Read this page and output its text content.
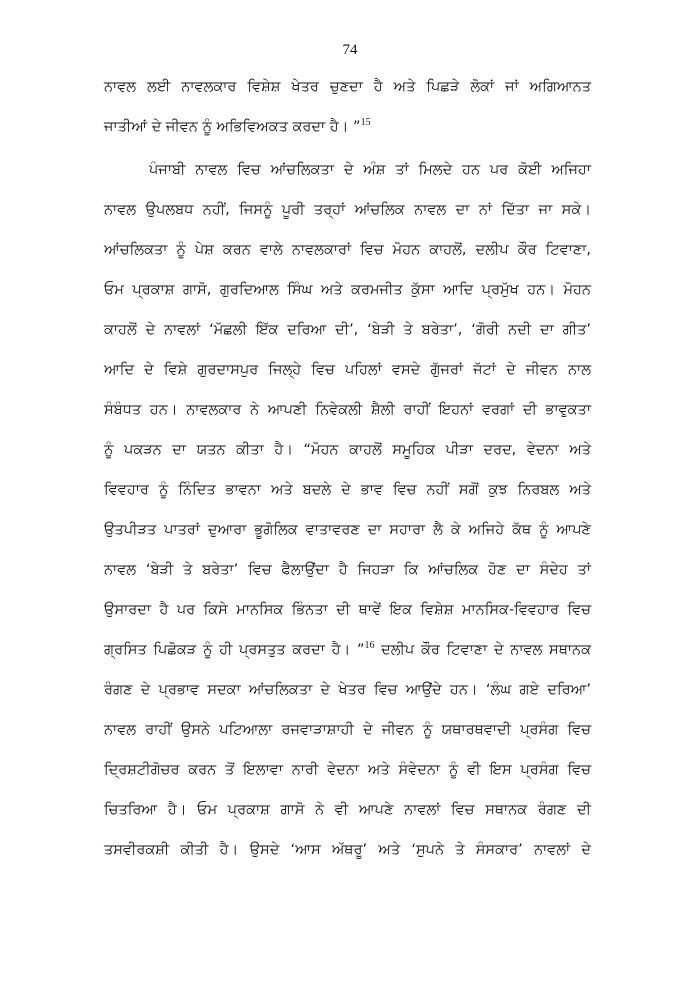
74
ਨਾਵਲ ਲਈ ਨਾਵਲਕਾਰ ਵਿਸ਼ੇਸ਼ ਖੇਤਰ ਚੁਣਦਾ ਹੈ ਅਤੇ ਪਿਛੜੇ ਲੋਕਾਂ ਜਾਂ ਅਗਿਆਨਤ
ਜਾਤੀਆਂ ਦੇ ਜੀਵਨ ਨੂੰ ਅਭਿਵਿਅਕਤ ਕਰਦਾ ਹੈ। ”$^{15}$
ਪੰਜਾਬੀ ਨਾਵਲ ਵਿਚ ਆਂਚਲਿਕਤਾ ਦੇ ਅੰਸ਼ ਤਾਂ ਮਿਲਦੇ ਹਨ ਪਰ ਕੋਈ ਅਜਿਹਾ
ਨਾਵਲ ਉਪਲਬਧ ਨਹੀਂ, ਜਿਸਨੂੰ ਪੂਰੀ ਤਰ੍ਹਾਂ ਆਂਚਲਿਕ ਨਾਵਲ ਦਾ ਨਾਂ ਦਿੱਤਾ ਜਾ ਸਕੇ।
ਆਂਚਲਿਕਤਾ ਨੂੰ ਪੇਸ਼ ਕਰਨ ਵਾਲੇ ਨਾਵਲਕਾਰਾਂ ਵਿਚ ਮੋਹਨ ਕਾਹਲੋਂ, ਦਲੀਪ ਕੌਰ ਟਿਵਾਣਾ,
ਓਮ ਪ੍ਰਕਾਸ਼ ਗਾਸੋ, ਗੁਰਦਿਆਲ ਸਿੰਘ ਅਤੇ ਕਰਮਜੀਤ ਕੁੱਸਾ ਆਦਿ ਪ੍ਰਮੁੱਖ ਹਨ। ਮੋਹਨ
ਕਾਹਲੋਂ ਦੇ ਨਾਵਲਾਂ ‘ਮੱਛਲੀ ਇੱਕ ਦਰਿਆ ਦੀ’, ‘ਬੇੜੀ ਤੇ ਬਰੇਤਾ’, ‘ਗੋਰੀ ਨਦੀ ਦਾ ਗੀਤ’
ਆਦਿ ਦੇ ਵਿਸ਼ੇ ਗੁਰਦਾਸਪੁਰ ਜਿਲ੍ਹੇ ਵਿਚ ਪਹਿਲਾਂ ਵਸਦੇ ਗੁੱਜਰਾਂ ਜੱਟਾਂ ਦੇ ਜੀਵਨ ਨਾਲ
ਸੰਬੰਧਤ ਹਨ। ਨਾਵਲਕਾਰ ਨੇ ਆਪਣੀ ਨਿਵੇਕਲੀ ਸ਼ੈਲੀ ਰਾਹੀਂ ਇਹਨਾਂ ਵਰਗਾਂ ਦੀ ਭਾਵੁਕਤਾ
ਨੂੰ ਪਕੜਨ ਦਾ ਯਤਨ ਕੀਤਾ ਹੈ। “ਮੋਹਨ ਕਾਹਲੋਂ ਸਮੂਹਿਕ ਪੀੜਾ ਦਰਦ, ਵੇਦਨਾ ਅਤੇ
ਵਿਵਹਾਰ ਨੂੰ ਨਿੰਦਿਤ ਭਾਵਨਾ ਅਤੇ ਬਦਲੇ ਦੇ ਭਾਵ ਵਿਚ ਨਹੀਂ ਸਗੋਂ ਕੁਝ ਨਿਰਬਲ ਅਤੇ
ਉਤਪੀੜਤ ਪਾਤਰਾਂ ਦੁਆਰਾ ਭੂਗੋਲਿਕ ਵਾਤਾਵਰਣ ਦਾ ਸਹਾਰਾ ਲੈ ਕੇ ਅਜਿਹੇ ਕੱਥ ਨੂੰ ਆਪਣੇ
ਨਾਵਲ ‘ਬੇੜੀ ਤੇ ਬਰੇਤਾ’ ਵਿਚ ਫੈਲਾਉਂਦਾ ਹੈ ਜਿਹੜਾ ਕਿ ਆਂਚਲਿਕ ਹੋਣ ਦਾ ਸੰਦੇਹ ਤਾਂ
ਉਸਾਰਦਾ ਹੈ ਪਰ ਕਿਸੇ ਮਾਨਸਿਕ ਭਿੰਨਤਾ ਦੀ ਥਾਵੇਂ ਇਕ ਵਿਸ਼ੇਸ਼ ਮਾਨਸਿਕ-ਵਿਵਹਾਰ ਵਿਚ
ਗ੍ਰਸਿਤ ਪਿਛੋਕੜ ਨੂੰ ਹੀ ਪ੍ਰਸਤੁਤ ਕਰਦਾ ਹੈ। ”$^{16}$ ਦਲੀਪ ਕੌਰ ਟਿਵਾਣਾ ਦੇ ਨਾਵਲ ਸਥਾਨਕ
ਰੰਗਣ ਦੇ ਪ੍ਰਭਾਵ ਸਦਕਾ ਆਂਚਲਿਕਤਾ ਦੇ ਖੇਤਰ ਵਿਚ ਆਉਂਦੇ ਹਨ। ‘ਲੰਘ ਗਏ ਦਰਿਆ’
ਨਾਵਲ ਰਾਹੀਂ ਉਸਨੇ ਪਟਿਆਲਾ ਰਜਵਾੜਾਸ਼ਾਹੀ ਦੇ ਜੀਵਨ ਨੂੰ ਯਥਾਰਥਵਾਦੀ ਪ੍ਰਸੰਗ ਵਿਚ
ਦ੍ਰਿਸ਼ਟੀਗੋਚਰ ਕਰਨ ਤੋਂ ਇਲਾਵਾ ਨਾਰੀ ਵੇਦਨਾ ਅਤੇ ਸੰਵੇਦਨਾ ਨੂੰ ਵੀ ਇਸ ਪ੍ਰਸੰਗ ਵਿਚ
ਚਿਤਰਿਆ ਹੈ। ਓਮ ਪ੍ਰਕਾਸ਼ ਗਾਸੋ ਨੇ ਵੀ ਆਪਣੇ ਨਾਵਲਾਂ ਵਿਚ ਸਥਾਨਕ ਰੰਗਣ ਦੀ
ਤਸਵੀਰਕਸ਼ੀ ਕੀਤੀ ਹੈ। ਉਸਦੇ ‘ਆਸ ਅੱਥਰੂ’ ਅਤੇ ‘ਸੁਪਨੇ ਤੇ ਸੰਸਕਾਰ’ ਨਾਵਲਾਂ ਦੇ
